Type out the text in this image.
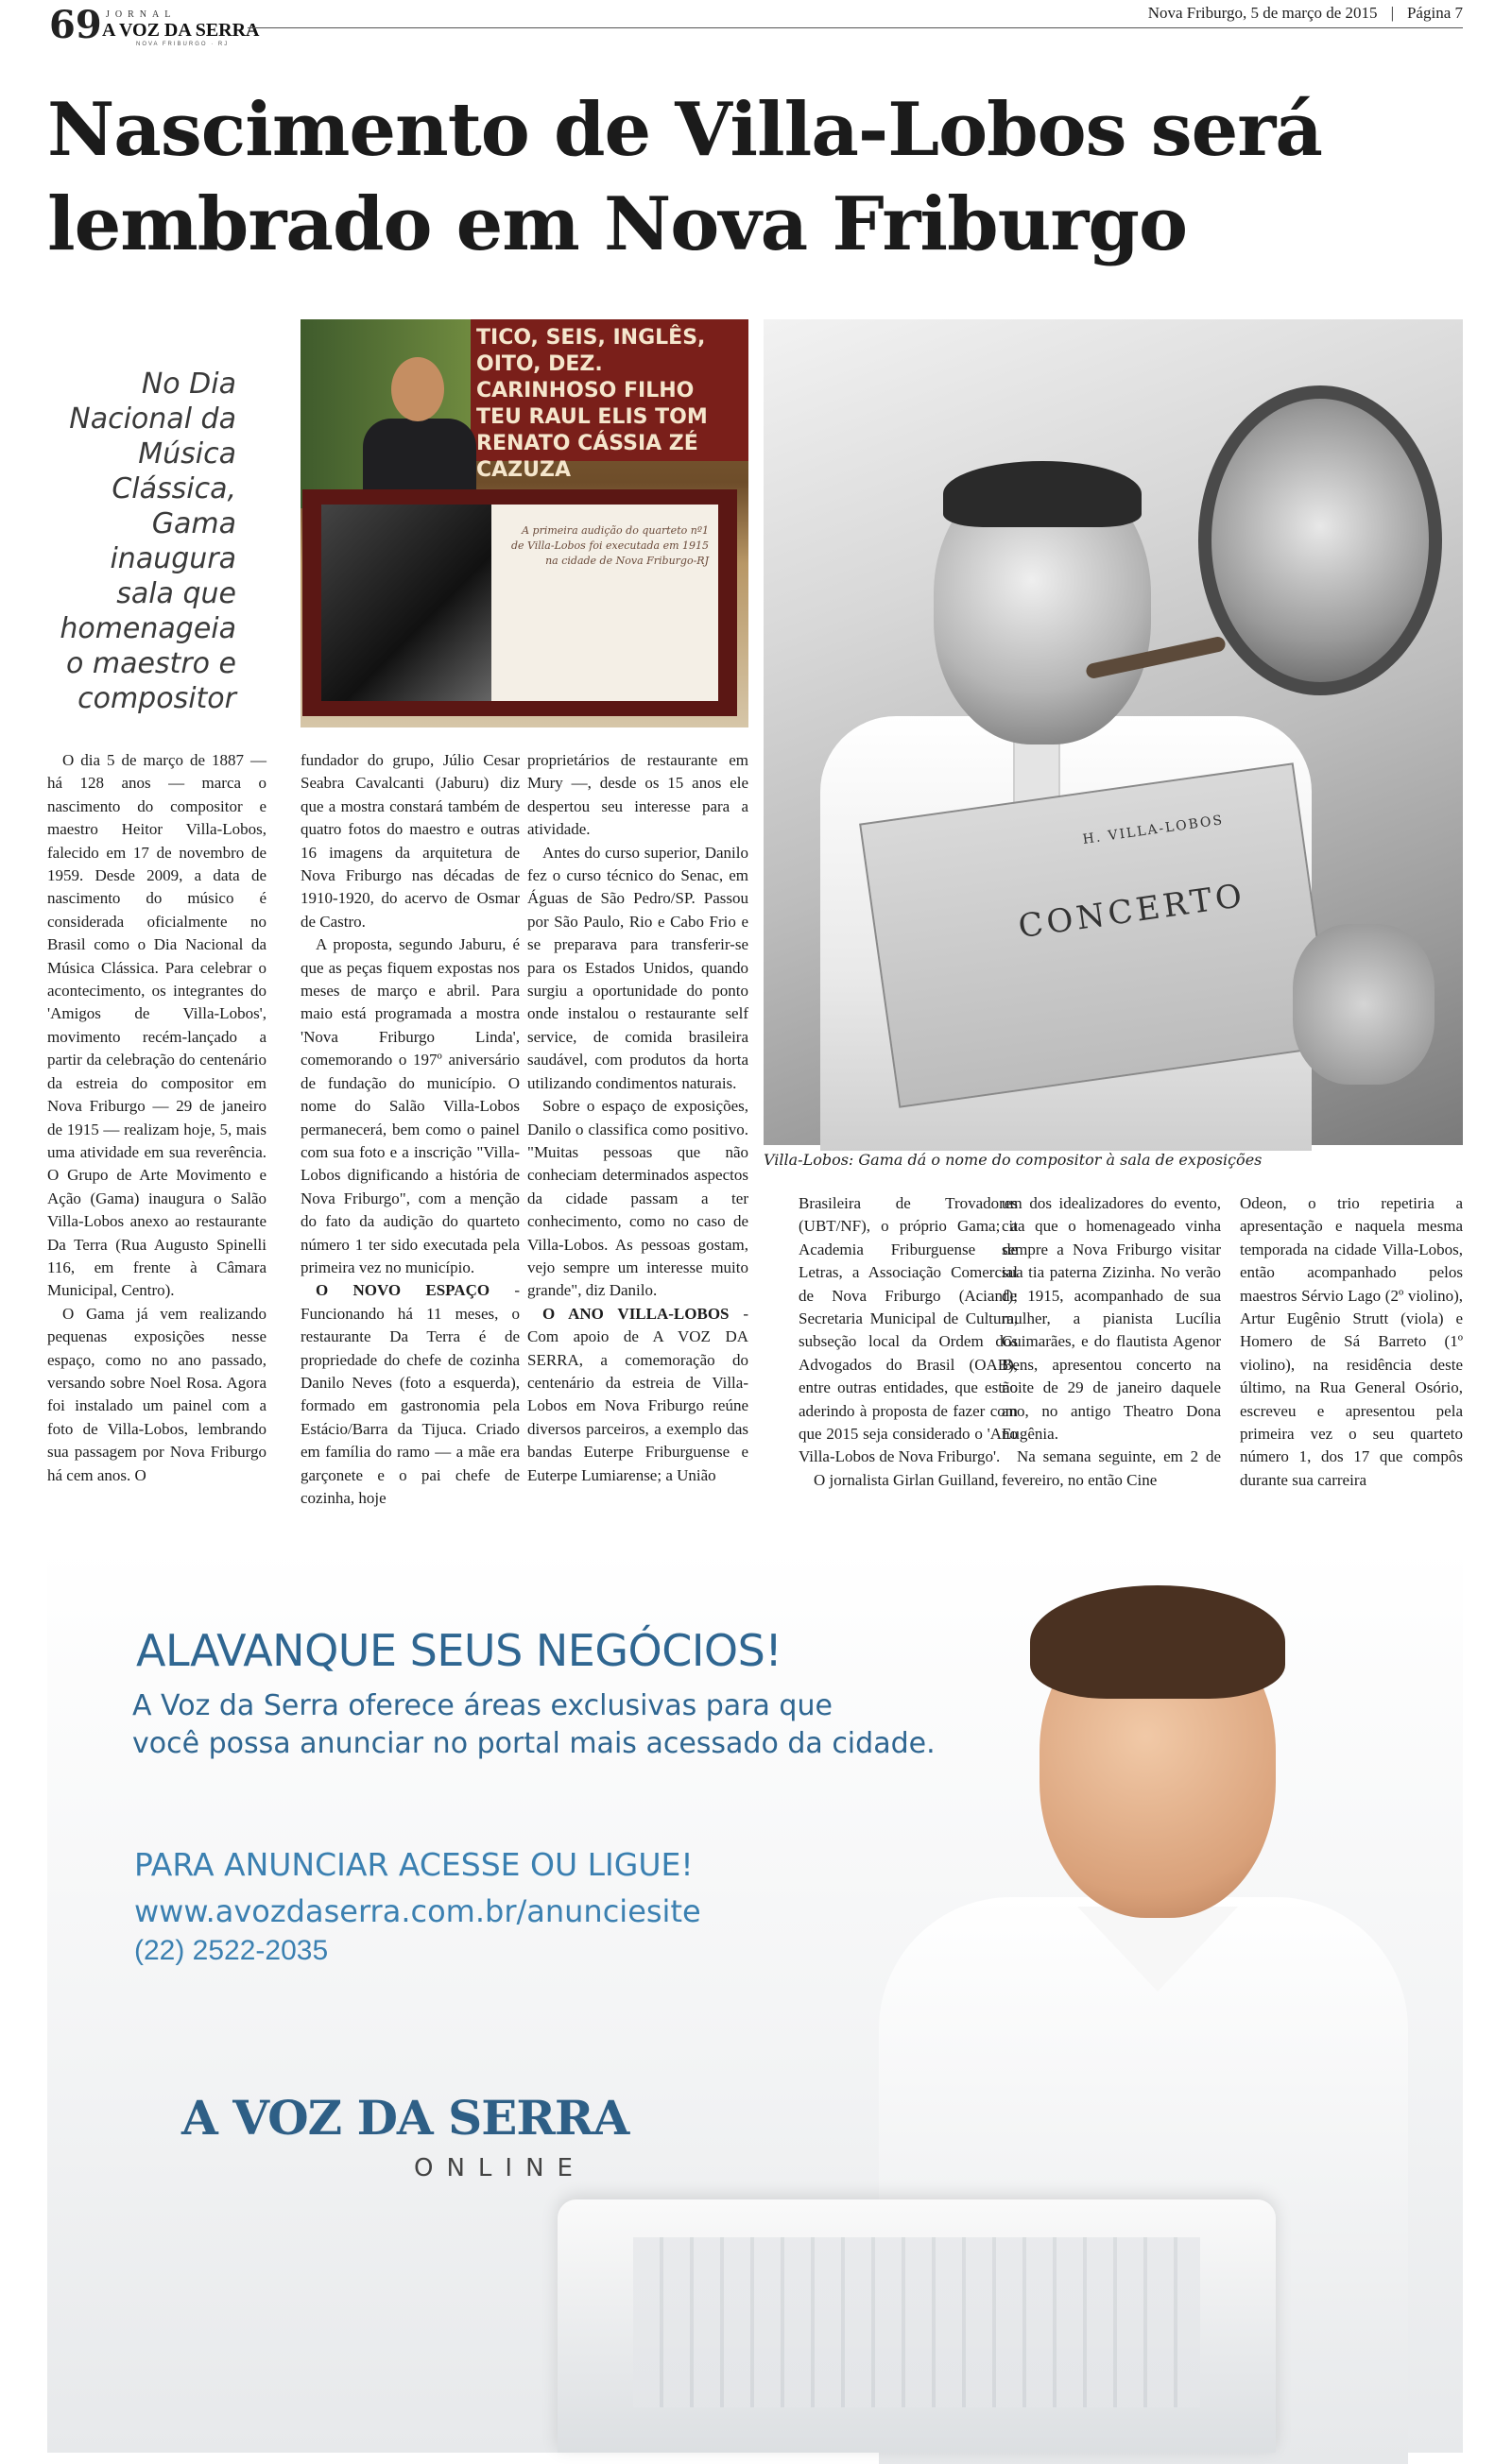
69 JORNAL
A VOZ DA SERRA
NOVA FRIBURGO · RJ
Nova Friburgo, 5 de março de 2015 | Página 7
Nascimento de Villa-Lobos será
lembrado em Nova Friburgo
No Dia Nacional da Música Clássica, Gama inaugura sala que homenageia o maestro e compositor
TICO, SEIS, INGLÊS, OITO, DEZ. CARINHOSO FILHO TEU RAUL ELIS TOM RENATO CÁSSIA ZÉ CAZUZA
A primeira audição do quarteto nº1 de Villa-Lobos foi executada em 1915 na cidade de Nova Friburgo-RJ
H. VILLA-LOBOS
CONCERTO
Villa-Lobos: Gama dá o nome do compositor à sala de exposições

O dia 5 de março de 1887 — há 128 anos — marca o nascimento do compositor e maestro Heitor Villa-Lobos, falecido em 17 de novembro de 1959. Desde 2009, a data de nascimento do músico é considerada oficialmente no Brasil como o Dia Nacional da Música Clássica. Para celebrar o acontecimento, os integrantes do 'Amigos de Villa-Lobos', movimento recém-lançado a partir da celebração do centenário da estreia do compositor em Nova Friburgo — 29 de janeiro de 1915 — realizam hoje, 5, mais uma atividade em sua reverência. O Grupo de Arte Movimento e Ação (Gama) inaugura o Salão Villa-Lobos anexo ao restaurante Da Terra (Rua Augusto Spinelli 116, em frente à Câmara Municipal, Centro).

O Gama já vem realizando pequenas exposições nesse espaço, como no ano passado, versando sobre Noel Rosa. Agora foi instalado um painel com a foto de Villa-Lobos, lembrando sua passagem por Nova Friburgo há cem anos. O

fundador do grupo, Júlio Cesar Seabra Cavalcanti (Jaburu) diz que a mostra constará também de quatro fotos do maestro e outras 16 imagens da arquitetura de Nova Friburgo nas décadas de 1910-1920, do acervo de Osmar de Castro.

A proposta, segundo Jaburu, é que as peças fiquem expostas nos meses de março e abril. Para maio está programada a mostra 'Nova Friburgo Linda', comemorando o 197º aniversário de fundação do município. O nome do Salão Villa-Lobos permanecerá, bem como o painel com sua foto e a inscrição "Villa-Lobos dignificando a história de Nova Friburgo", com a menção do fato da audição do quarteto número 1 ter sido executada pela primeira vez no município.

O NOVO ESPAÇO - Funcionando há 11 meses, o restaurante Da Terra é de propriedade do chefe de cozinha Danilo Neves (foto a esquerda), formado em gastronomia pela Estácio/Barra da Tijuca. Criado em família do ramo — a mãe era garçonete e o pai chefe de cozinha, hoje

proprietários de restaurante em Mury —, desde os 15 anos ele despertou seu interesse para a atividade.

Antes do curso superior, Danilo fez o curso técnico do Senac, em Águas de São Pedro/SP. Passou por São Paulo, Rio e Cabo Frio e se preparava para transferir-se para os Estados Unidos, quando surgiu a oportunidade do ponto onde instalou o restaurante self service, de comida brasileira saudável, com produtos da horta utilizando condimentos naturais.

Sobre o espaço de exposições, Danilo o classifica como positivo. "Muitas pessoas que não conheciam determinados aspectos da cidade passam a ter conhecimento, como no caso de Villa-Lobos. As pessoas gostam, vejo sempre um interesse muito grande", diz Danilo.

O ANO VILLA-LOBOS - Com apoio de A VOZ DA SERRA, a comemoração do centenário da estreia de Villa-Lobos em Nova Friburgo reúne diversos parceiros, a exemplo das bandas Euterpe Friburguense e Euterpe Lumiarense; a União

Brasileira de Trovadores (UBT/NF), o próprio Gama; a Academia Friburguense de Letras, a Associação Comercial de Nova Friburgo (Acianf); Secretaria Municipal de Cultura, subseção local da Ordem dos Advogados do Brasil (OAB), entre outras entidades, que estão aderindo à proposta de fazer com que 2015 seja considerado o 'Ano Villa-Lobos de Nova Friburgo'.

O jornalista Girlan Guilland,

um dos idealizadores do evento, cita que o homenageado vinha sempre a Nova Friburgo visitar sua tia paterna Zizinha. No verão de 1915, acompanhado de sua mulher, a pianista Lucília Guimarães, e do flautista Agenor Bens, apresentou concerto na noite de 29 de janeiro daquele ano, no antigo Theatro Dona Eugênia.

Na semana seguinte, em 2 de fevereiro, no então Cine

Odeon, o trio repetiria a apresentação e naquela mesma temporada na cidade Villa-Lobos, então acompanhado pelos maestros Sérvio Lago (2º violino), Artur Eugênio Strutt (viola) e Homero de Sá Barreto (1º violino), na residência deste último, na Rua General Osório, escreveu e apresentou pela primeira vez o seu quarteto número 1, dos 17 que compôs durante sua carreira

ALAVANQUE SEUS NEGÓCIOS!
A Voz da Serra oferece áreas exclusivas para que
você possa anunciar no portal mais acessado da cidade.
PARA ANUNCIAR ACESSE OU LIGUE!
www.avozdaserra.com.br/anunciesite
(22) 2522-2035
A VOZ DA SERRA
ONLINE
